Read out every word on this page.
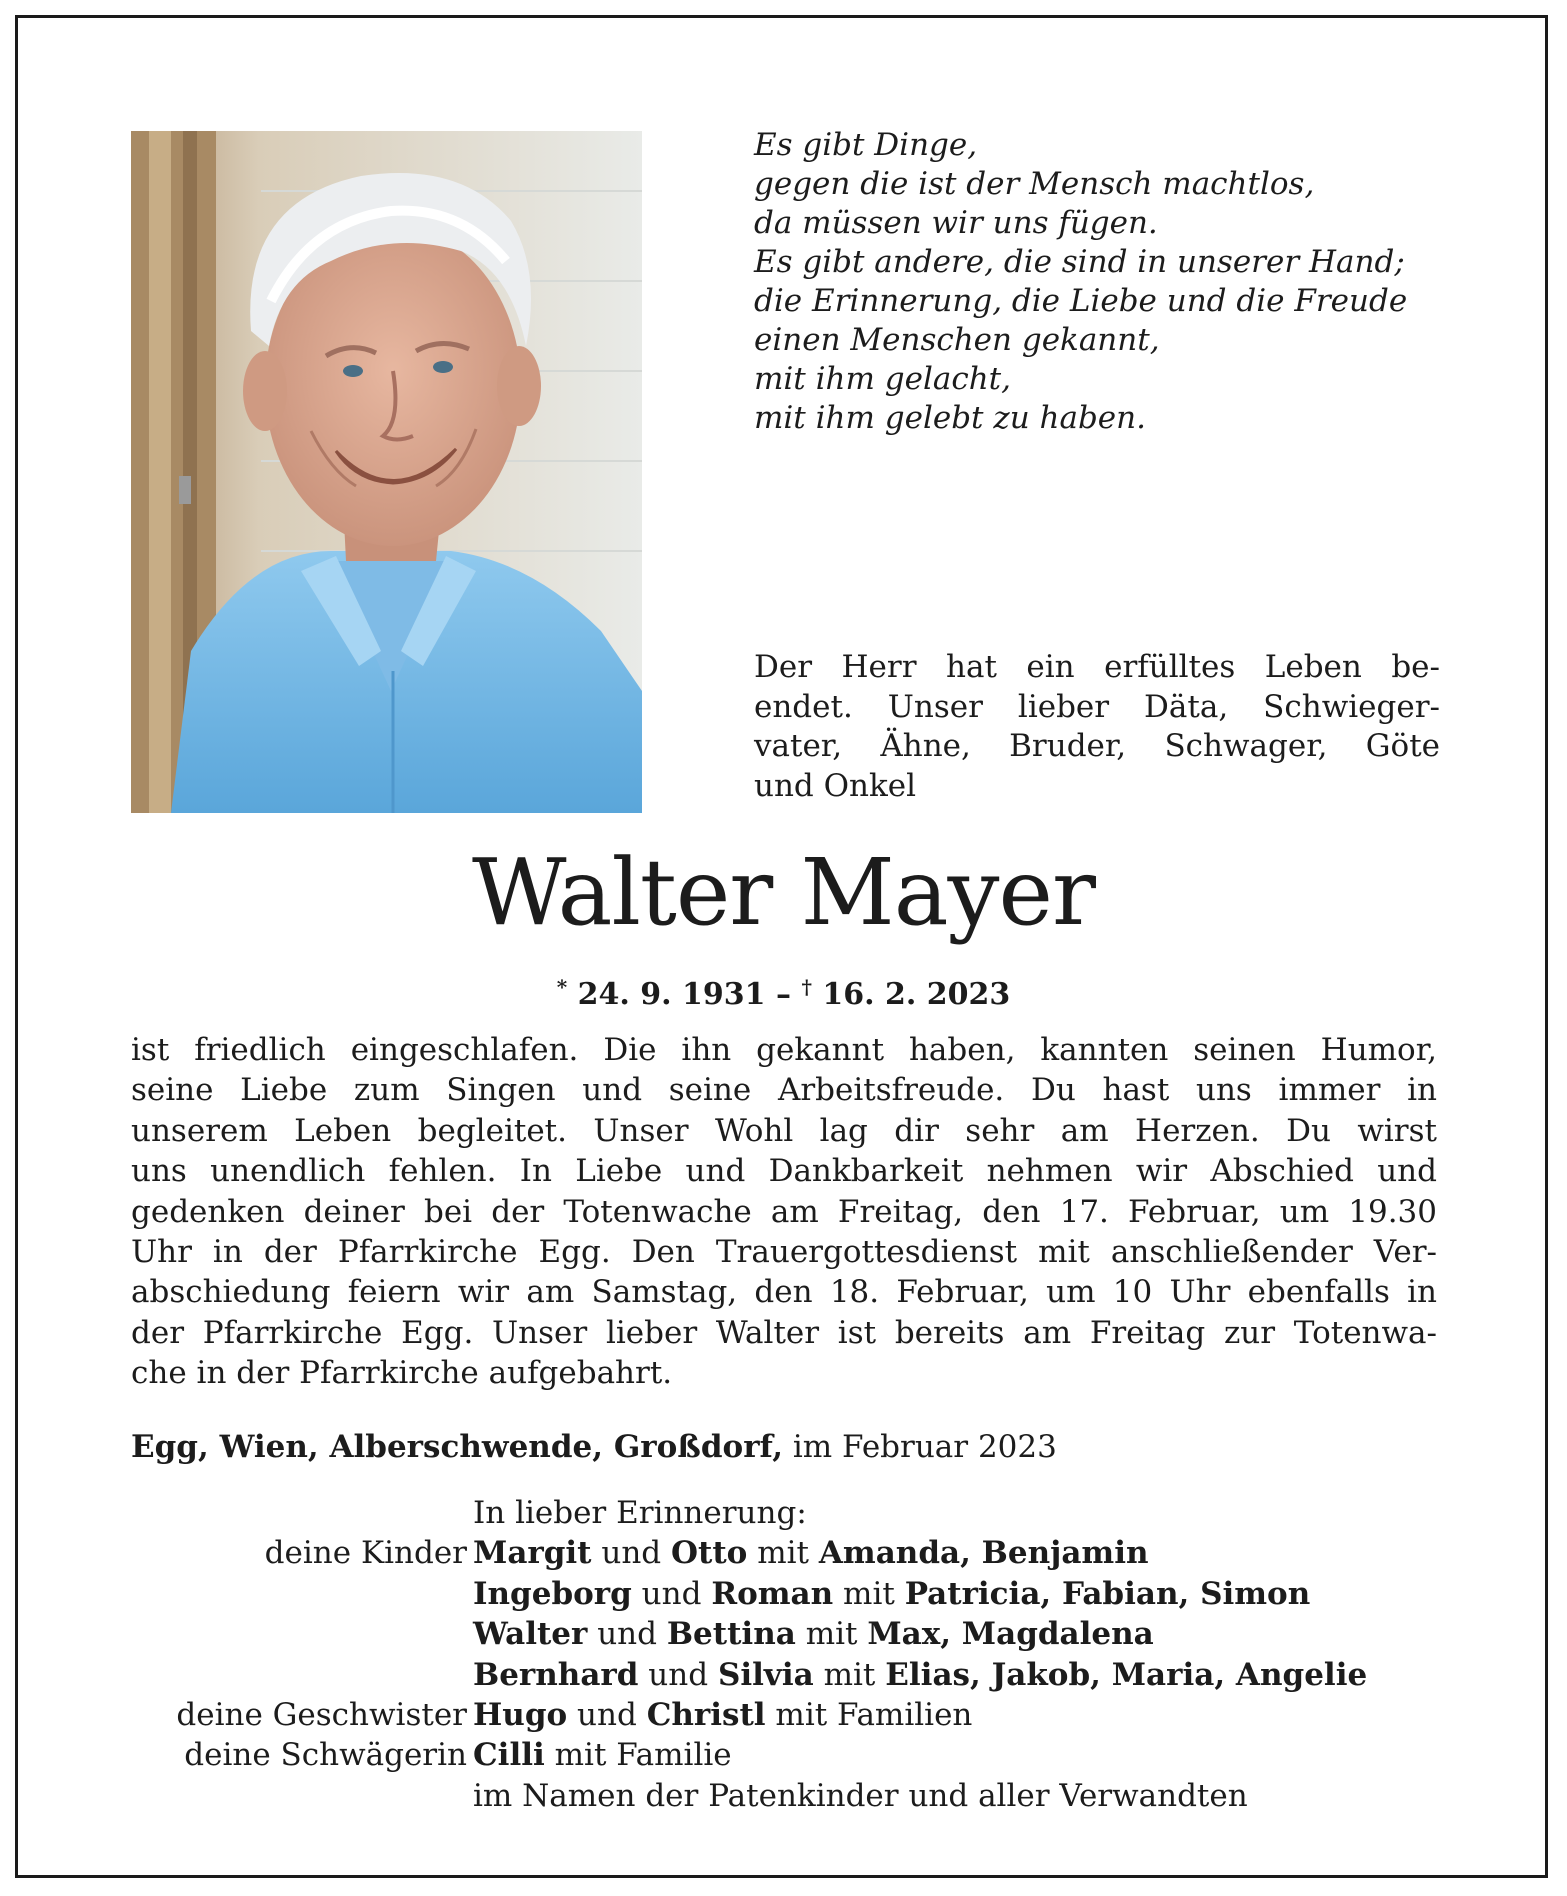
Es gibt Dinge,
gegen die ist der Mensch machtlos,
da müssen wir uns fügen.
Es gibt andere, die sind in unserer Hand;
die Erinnerung, die Liebe und die Freude
einen Menschen gekannt,
mit ihm gelacht,
mit ihm gelebt zu haben.
Der Herr hat ein erfülltes Leben be-
endet. Unser lieber Däta, Schwieger-
vater, Ähne, Bruder, Schwager, Göte
und Onkel
Walter Mayer
* 24. 9. 1931 – † 16. 2. 2023
ist friedlich eingeschlafen. Die ihn gekannt haben, kannten seinen Humor,
seine Liebe zum Singen und seine Arbeitsfreude. Du hast uns immer in
unserem Leben begleitet. Unser Wohl lag dir sehr am Herzen. Du wirst
uns unendlich fehlen. In Liebe und Dankbarkeit nehmen wir Abschied und
gedenken deiner bei der Totenwache am Freitag, den 17. Februar, um 19.30
Uhr in der Pfarrkirche Egg. Den Trauergottesdienst mit anschließender Ver-
abschiedung feiern wir am Samstag, den 18. Februar, um 10 Uhr ebenfalls in
der Pfarrkirche Egg. Unser lieber Walter ist bereits am Freitag zur Totenwa-
che in der Pfarrkirche aufgebahrt.
Egg, Wien, Alberschwende, Großdorf, im Februar 2023
In lieber Erinnerung:
deine Kinder Margit und Otto mit Amanda, Benjamin
Ingeborg und Roman mit Patricia, Fabian, Simon
Walter und Bettina mit Max, Magdalena
Bernhard und Silvia mit Elias, Jakob, Maria, Angelie
deine Geschwister Hugo und Christl mit Familien
deine Schwägerin Cilli mit Familie
im Namen der Patenkinder und aller Verwandten
